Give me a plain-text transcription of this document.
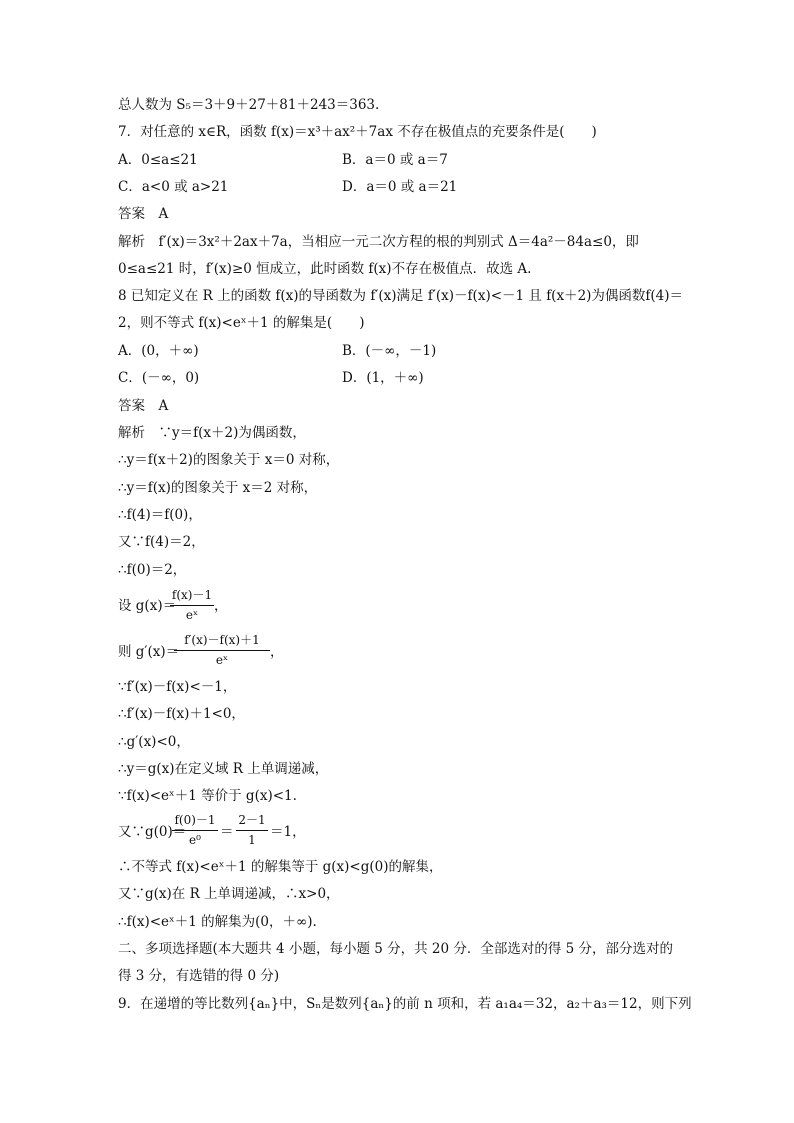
总人数为 S₅＝3＋9＋27＋81＋243＝363.
7．对任意的 x∈R，函数 f(x)＝x³＋ax²＋7ax 不存在极值点的充要条件是(　　)
A．0≤a≤21	B．a＝0 或 a＝7
C．a<0 或 a>21	D．a＝0 或 a＝21
答案　A
解析　f′(x)＝3x²＋2ax＋7a，当相应一元二次方程的根的判别式 Δ＝4a²－84a≤0，即
0≤a≤21 时，f′(x)≥0 恒成立，此时函数 f(x)不存在极值点．故选 A.
8 已知定义在 R 上的函数 f(x)的导函数为 f′(x)满足 f′(x)－f(x)<－1 且 f(x＋2)为偶函数f(4)＝
2，则不等式 f(x)<eˣ＋1 的解集是(　　)
A．(0，＋∞)	B．(－∞，－1)
C．(－∞，0)	D．(1，＋∞)
答案　A
解析　∵y＝f(x＋2)为偶函数，
∴y＝f(x＋2)的图象关于 x＝0 对称，
∴y＝f(x)的图象关于 x＝2 对称，
∴f(4)＝f(0)，
又∵f(4)＝2，
∴f(0)＝2，
设 g(x)＝
f(x)－1
eˣ
，
则 g′(x)＝
f′(x)－f(x)＋1
eˣ	，
∵f′(x)－f(x)<－1，
∴f′(x)－f(x)＋1<0，
∴g′(x)<0，
∴y＝g(x)在定义域 R 上单调递减，
∵f(x)<eˣ＋1 等价于 g(x)<1.
又∵g(0)＝
f(0)－1
e⁰	＝
2－1
1	＝1，
∴不等式 f(x)<eˣ＋1 的解集等于 g(x)<g(0)的解集，
又∵g(x)在 R 上单调递减，∴x>0，
∴f(x)<eˣ＋1 的解集为(0，＋∞).
二、多项选择题(本大题共 4 小题，每小题 5 分，共 20 分．全部选对的得 5 分，部分选对的
得 3 分，有选错的得 0 分)
9．在递增的等比数列{aₙ}中，Sₙ是数列{aₙ}的前 n 项和，若 a₁a₄＝32，a₂＋a₃＝12，则下列
